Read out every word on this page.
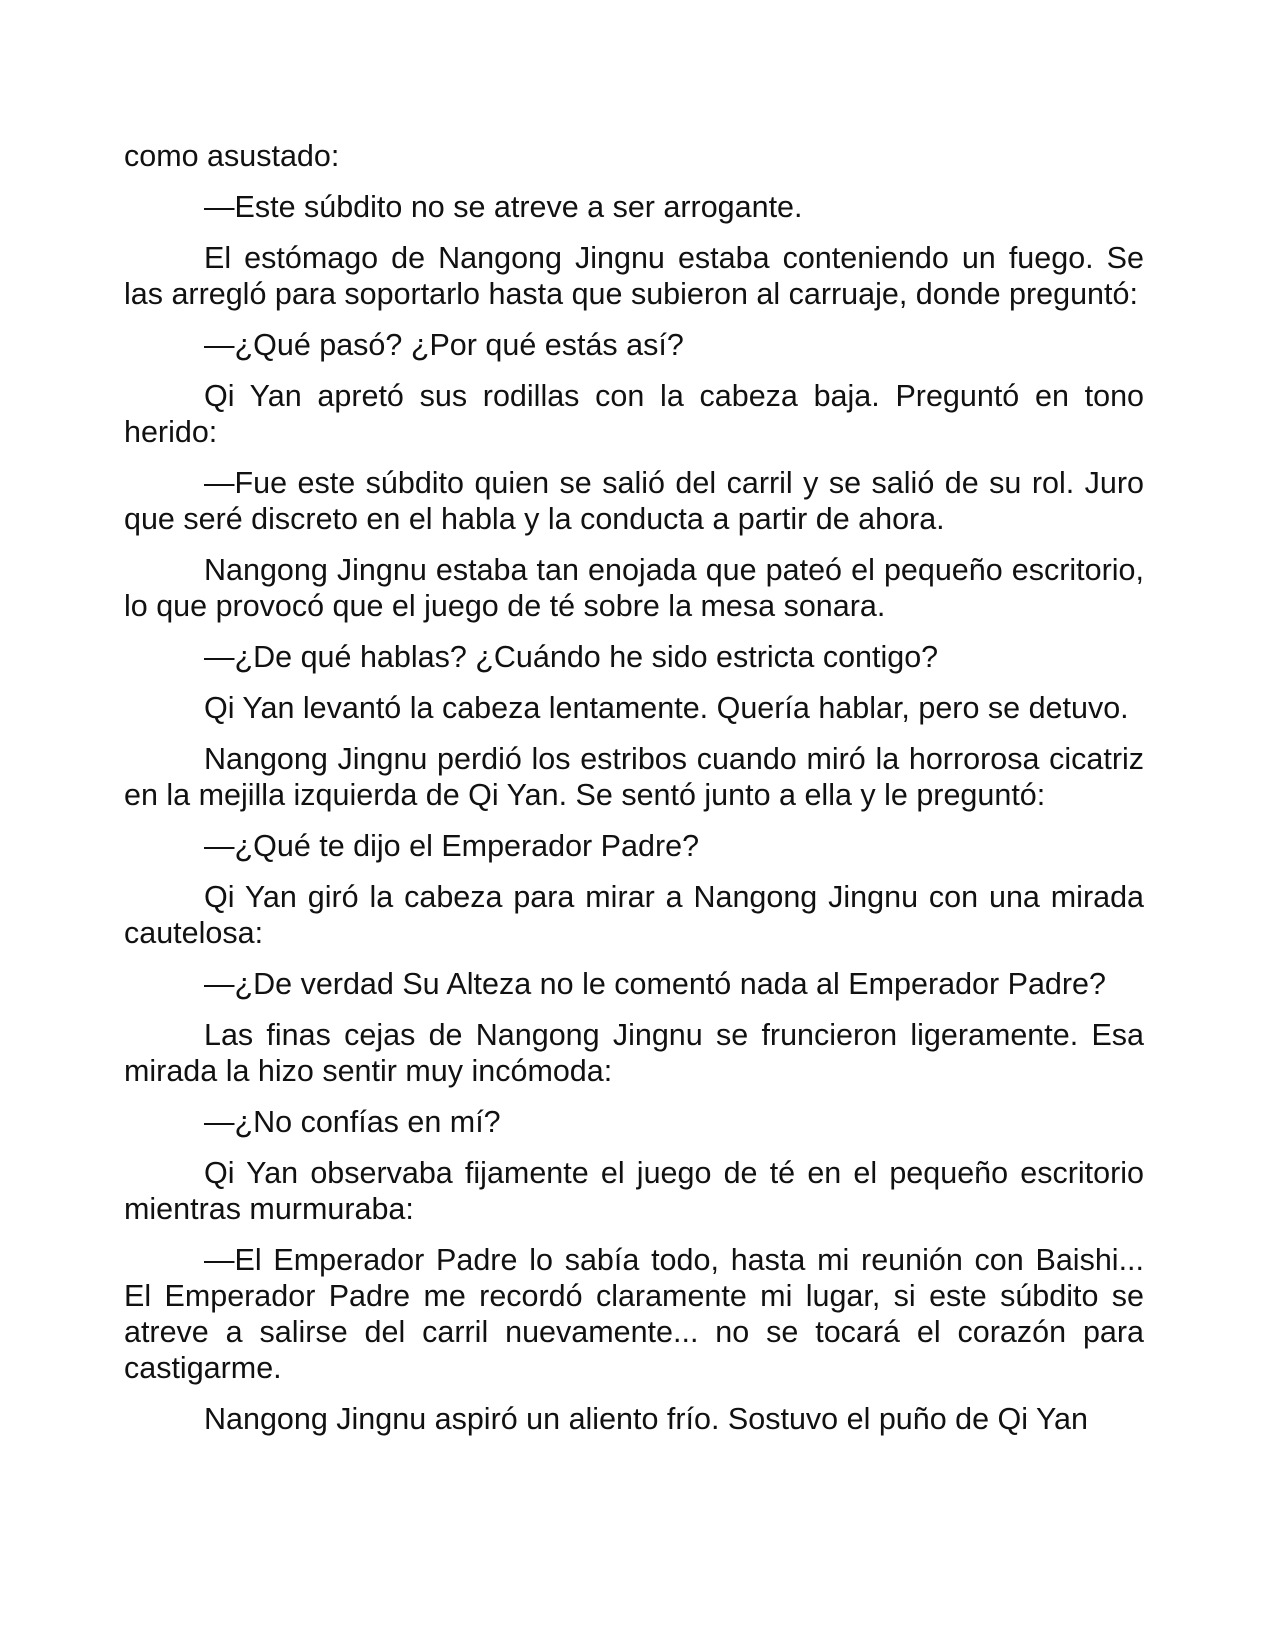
como asustado:

—Este súbdito no se atreve a ser arrogante.

El estómago de Nangong Jingnu estaba conteniendo un fuego. Se las arregló para soportarlo hasta que subieron al carruaje, donde preguntó:

—¿Qué pasó? ¿Por qué estás así?

Qi Yan apretó sus rodillas con la cabeza baja. Preguntó en tono herido:

—Fue este súbdito quien se salió del carril y se salió de su rol. Juro que seré discreto en el habla y la conducta a partir de ahora.

Nangong Jingnu estaba tan enojada que pateó el pequeño escritorio, lo que provocó que el juego de té sobre la mesa sonara.

—¿De qué hablas? ¿Cuándo he sido estricta contigo?

Qi Yan levantó la cabeza lentamente. Quería hablar, pero se detuvo.

Nangong Jingnu perdió los estribos cuando miró la horrorosa cicatriz en la mejilla izquierda de Qi Yan. Se sentó junto a ella y le preguntó:

—¿Qué te dijo el Emperador Padre?

Qi Yan giró la cabeza para mirar a Nangong Jingnu con una mirada cautelosa:

—¿De verdad Su Alteza no le comentó nada al Emperador Padre?

Las finas cejas de Nangong Jingnu se fruncieron ligeramente. Esa mirada la hizo sentir muy incómoda:

—¿No confías en mí?

Qi Yan observaba fijamente el juego de té en el pequeño escritorio mientras murmuraba:

—El Emperador Padre lo sabía todo, hasta mi reunión con Baishi... El Emperador Padre me recordó claramente mi lugar, si este súbdito se atreve a salirse del carril nuevamente... no se tocará el corazón para castigarme.

Nangong Jingnu aspiró un aliento frío. Sostuvo el puño de Qi Yan
